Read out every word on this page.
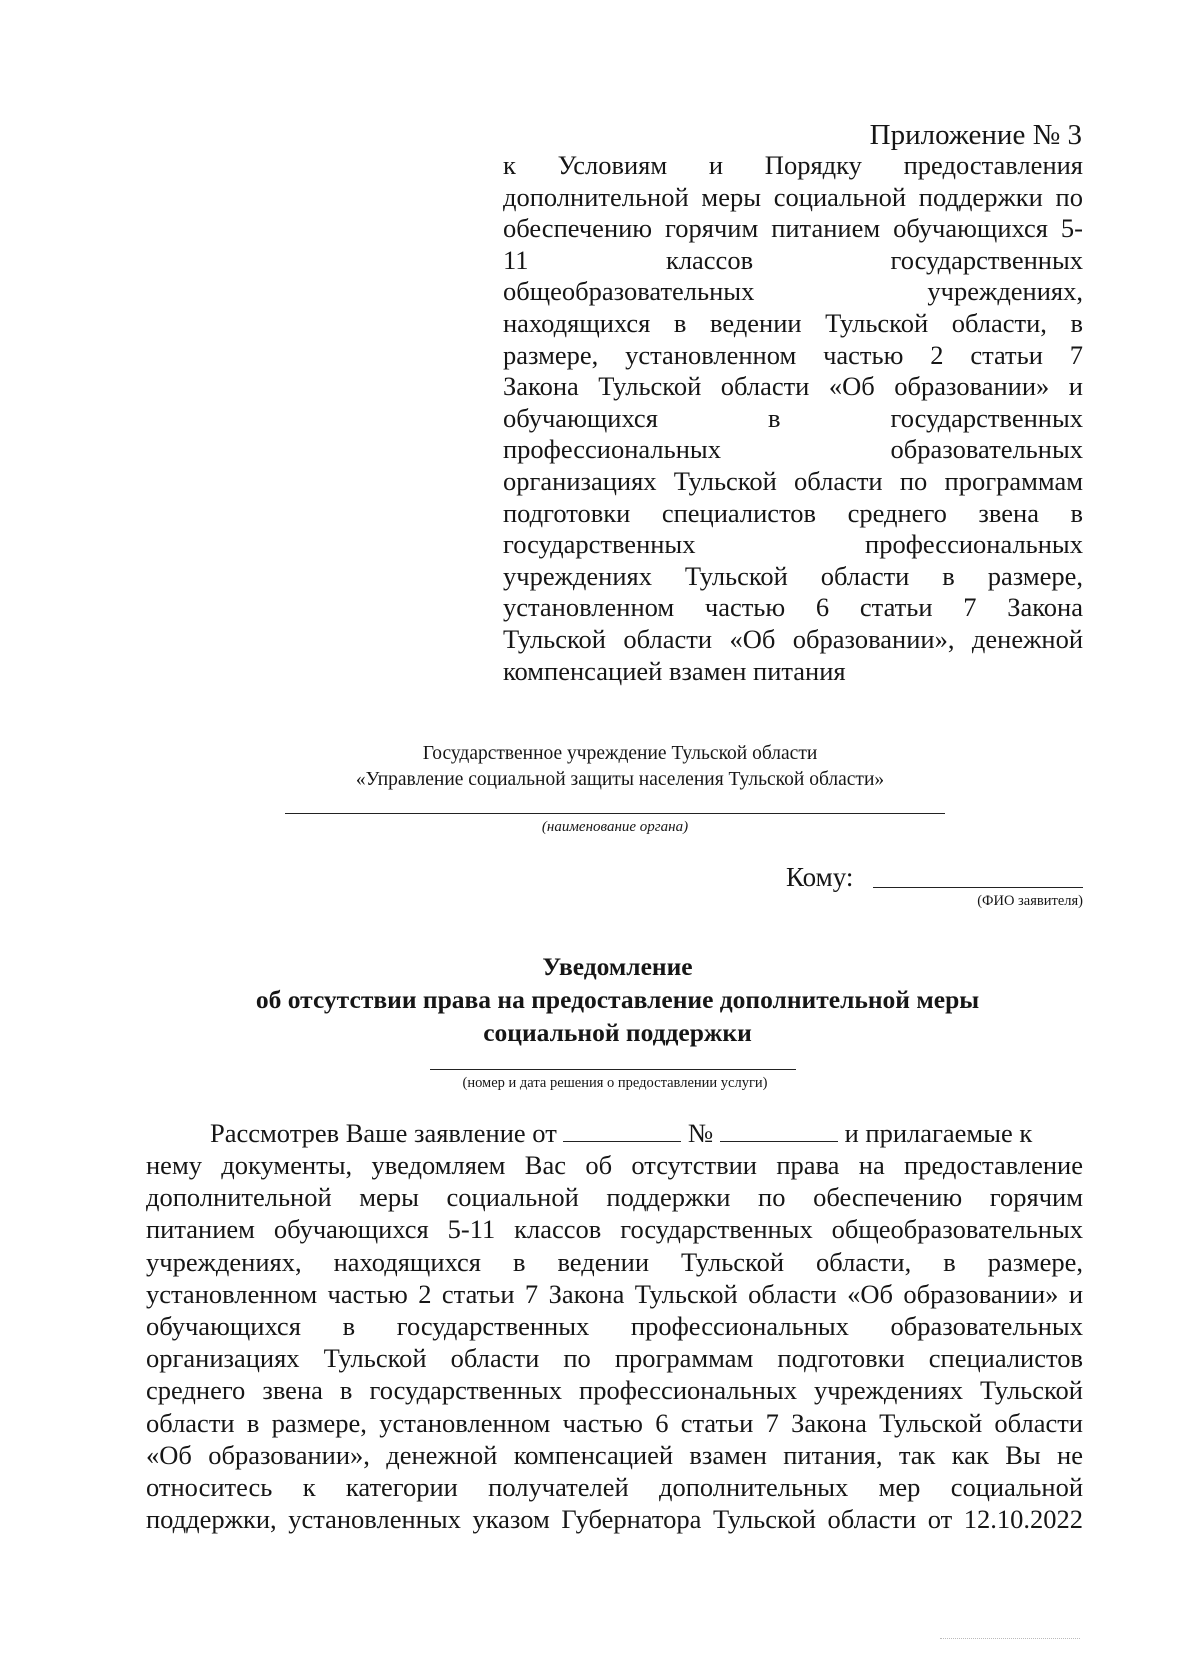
Приложение № 3
к Условиям и Порядку предоставления
дополнительной меры социальной поддержки по
обеспечению горячим питанием обучающихся 5-
11 классов государственных
общеобразовательных учреждениях,
находящихся в ведении Тульской области, в
размере, установленном частью 2 статьи 7
Закона Тульской области «Об образовании» и
обучающихся в государственных
профессиональных образовательных
организациях Тульской области по программам
подготовки специалистов среднего звена в
государственных профессиональных
учреждениях Тульской области в размере,
установленном частью 6 статьи 7 Закона
Тульской области «Об образовании», денежной
компенсацией взамен питания
Государственное учреждение Тульской области
«Управление социальной защиты населения Тульской области»
(наименование органа)
Кому:
(ФИО заявителя)
Уведомление
об отсутствии права на предоставление дополнительной меры
социальной поддержки
(номер и дата решения о предоставлении услуги)
Рассмотрев Ваше заявление от	№	и прилагаемые к
нему документы, уведомляем Вас об отсутствии права на предоставление
дополнительной меры социальной поддержки по обеспечению горячим
питанием обучающихся 5-11 классов государственных общеобразовательных
учреждениях, находящихся в ведении Тульской области, в размере,
установленном частью 2 статьи 7 Закона Тульской области «Об образовании» и
обучающихся в государственных профессиональных образовательных
организациях Тульской области по программам подготовки специалистов
среднего звена в государственных профессиональных учреждениях Тульской
области в размере, установленном частью 6 статьи 7 Закона Тульской области
«Об образовании», денежной компенсацией взамен питания, так как Вы не
относитесь к категории получателей дополнительных мер социальной
поддержки, установленных указом Губернатора Тульской области от 12.10.2022
